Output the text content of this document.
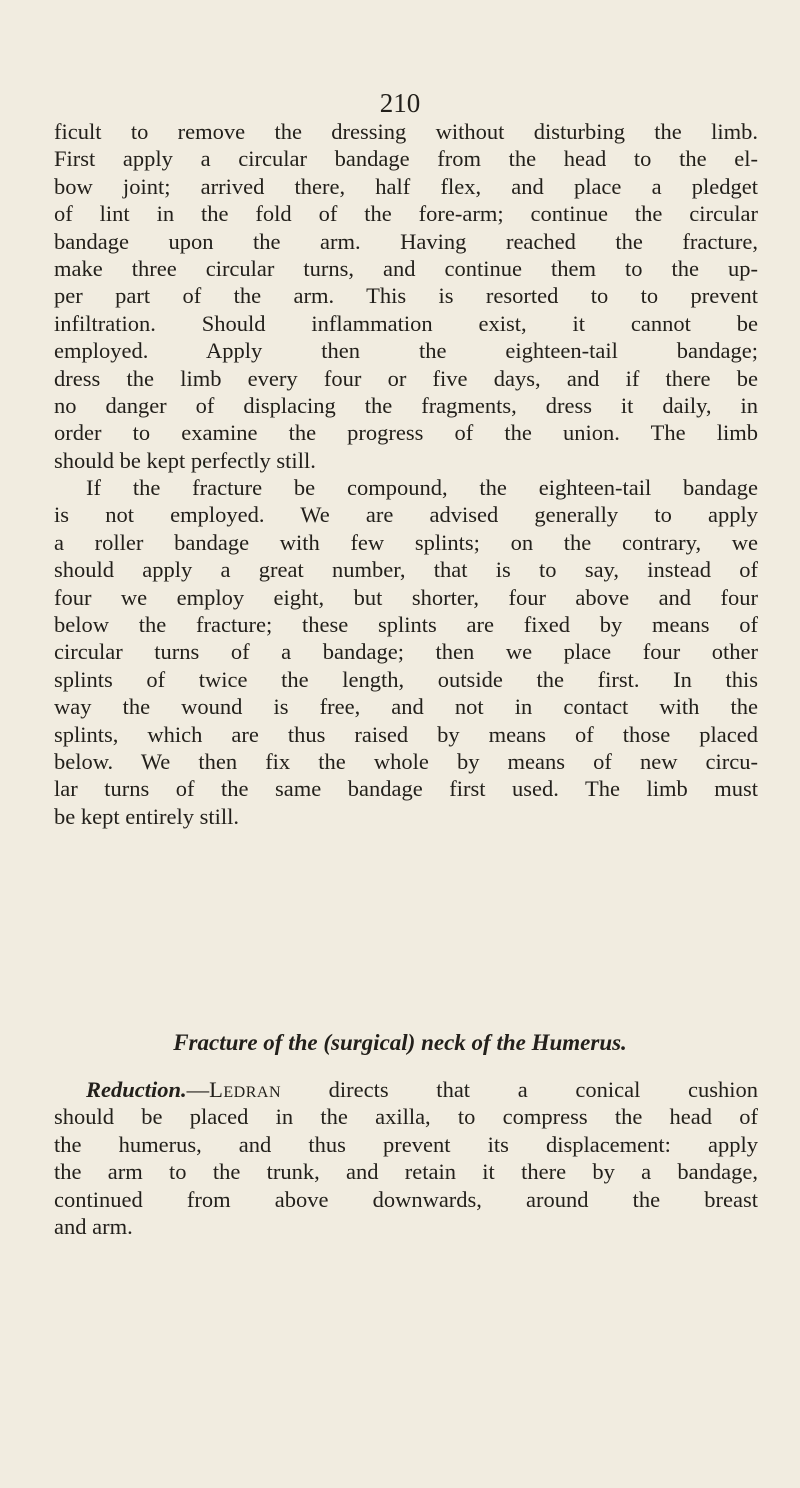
210
ficult to remove the dressing without disturbing the limb.
First apply a circular bandage from the head to the el-
bow joint; arrived there, half flex, and place a pledget
of lint in the fold of the fore-arm; continue the circular
bandage upon the arm. Having reached the fracture,
make three circular turns, and continue them to the up-
per part of the arm. This is resorted to to prevent
infiltration. Should inflammation exist, it cannot be
employed. Apply then the eighteen-tail bandage;
dress the limb every four or five days, and if there be
no danger of displacing the fragments, dress it daily, in
order to examine the progress of the union. The limb
should be kept perfectly still.
If the fracture be compound, the eighteen-tail bandage
is not employed. We are advised generally to apply
a roller bandage with few splints; on the contrary, we
should apply a great number, that is to say, instead of
four we employ eight, but shorter, four above and four
below the fracture; these splints are fixed by means of
circular turns of a bandage; then we place four other
splints of twice the length, outside the first. In this
way the wound is free, and not in contact with the
splints, which are thus raised by means of those placed
below. We then fix the whole by means of new circu-
lar turns of the same bandage first used. The limb must
be kept entirely still.
Fracture of the (surgical) neck of the Humerus.
Reduction.—Ledran directs that a conical cushion
should be placed in the axilla, to compress the head of
the humerus, and thus prevent its displacement: apply
the arm to the trunk, and retain it there by a bandage,
continued from above downwards, around the breast
and arm.
